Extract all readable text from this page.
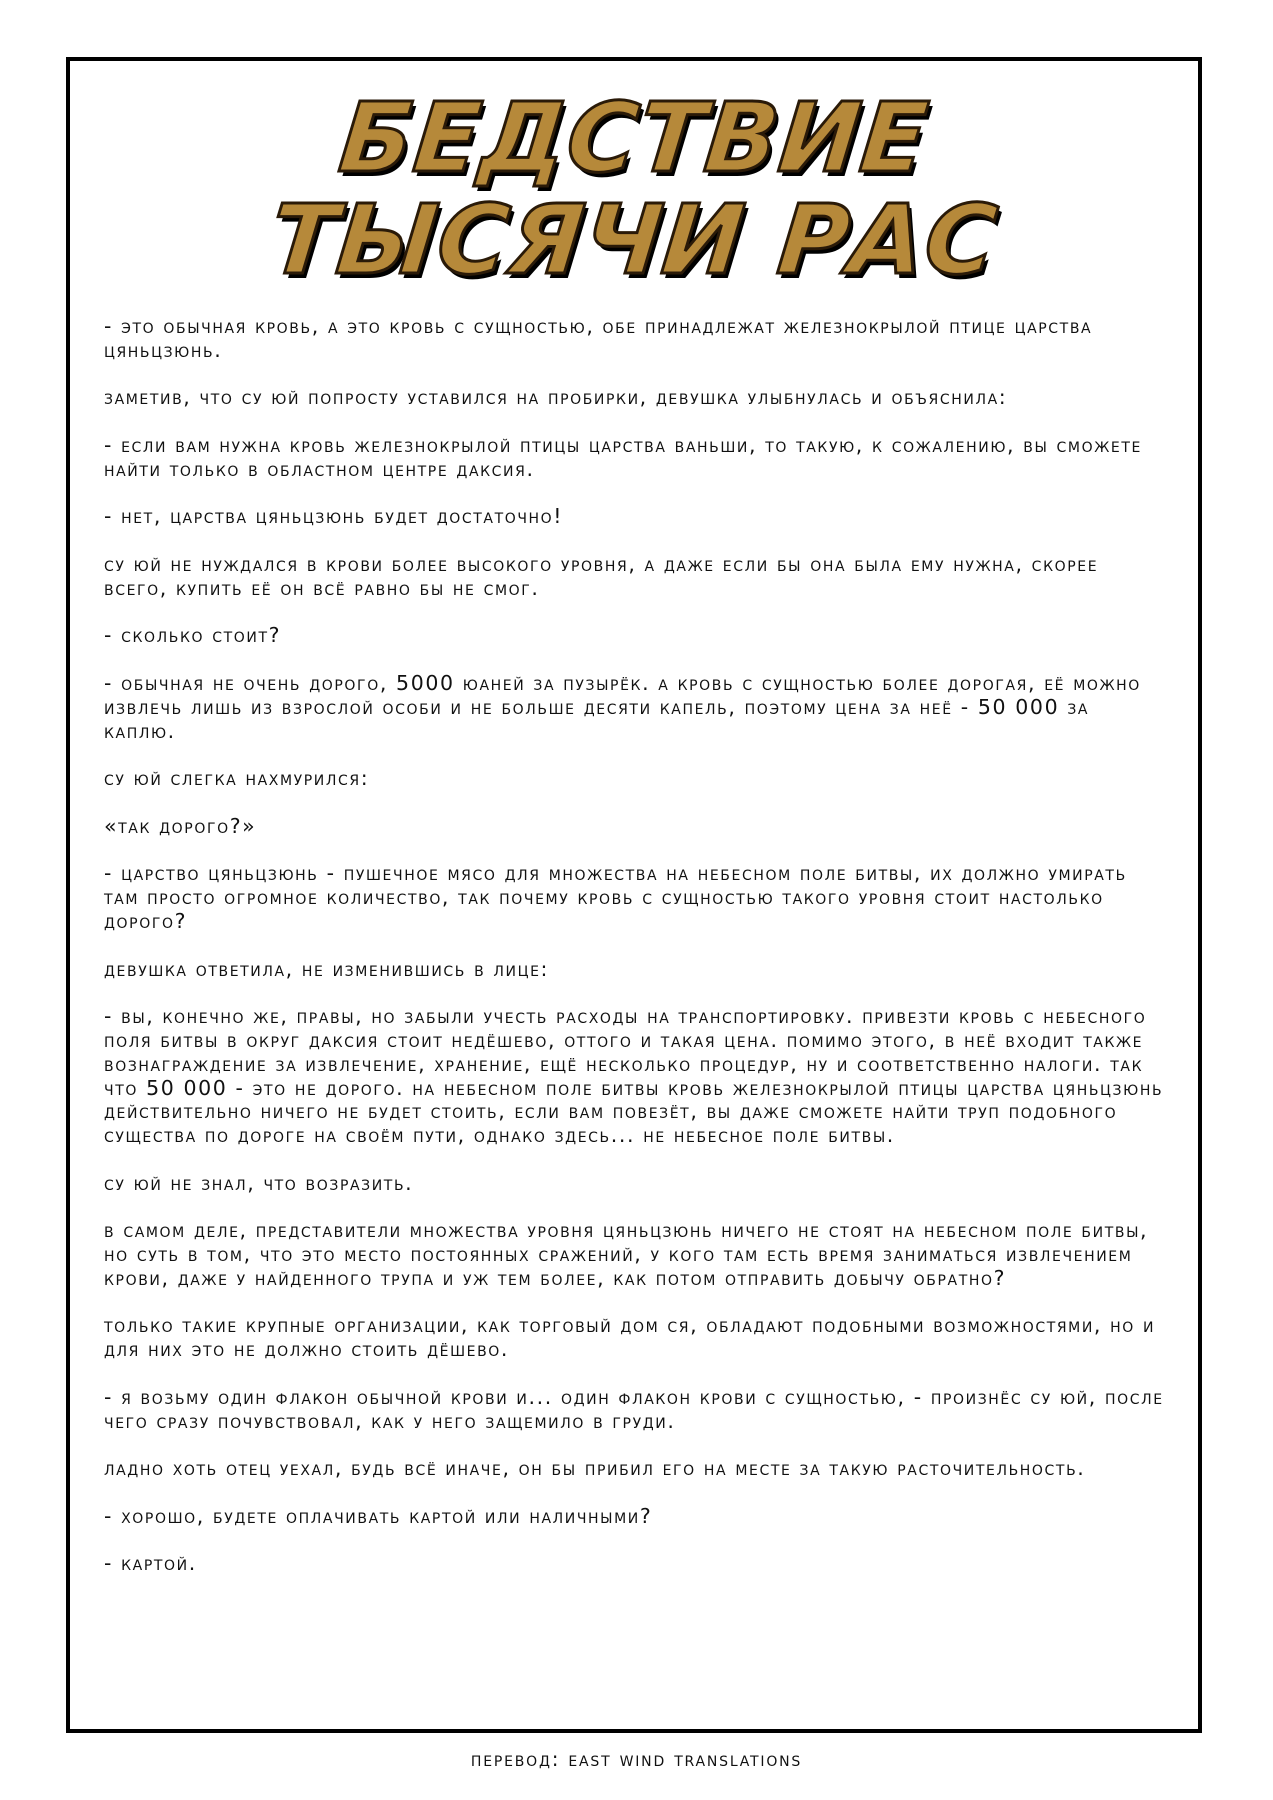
БЕДСТВИЕ
ТЫСЯЧИ РАС

- это обычная кровь, а это кровь с сущностью, обе принадлежат железнокрылой птице царства цяньцзюнь.

заметив, что су юй попросту уставился на пробирки, девушка улыбнулась и объяснила:

- если вам нужна кровь железнокрылой птицы царства ваньши, то такую, к сожалению, вы сможете найти только в областном центре даксия.

- нет, царства цяньцзюнь будет достаточно!

су юй не нуждался в крови более высокого уровня, а даже если бы она была ему нужна, скорее всего, купить её он всё равно бы не смог.

- сколько стоит?

- обычная не очень дорого, 5000 юаней за пузырёк. а кровь с сущностью более дорогая, её можно извлечь лишь из взрослой особи и не больше десяти капель, поэтому цена за неё - 50 000 за каплю.

су юй слегка нахмурился:

«так дорого?»

- царство цяньцзюнь - пушечное мясо для множества на небесном поле битвы, их должно умирать там просто огромное количество, так почему кровь с сущностью такого уровня стоит настолько дорого?

девушка ответила, не изменившись в лице:

- вы, конечно же, правы, но забыли учесть расходы на транспортировку. привезти кровь с небесного поля битвы в округ даксия стоит недёшево, оттого и такая цена. помимо этого, в неё входит также вознаграждение за извлечение, хранение, ещё несколько процедур, ну и соответственно налоги. так что 50 000 - это не дорого. на небесном поле битвы кровь железнокрылой птицы царства цяньцзюнь действительно ничего не будет стоить, если вам повезёт, вы даже сможете найти труп подобного существа по дороге на своём пути, однако здесь... не небесное поле битвы.

су юй не знал, что возразить.

в самом деле, представители множества уровня цяньцзюнь ничего не стоят на небесном поле битвы, но суть в том, что это место постоянных сражений, у кого там есть время заниматься извлечением крови, даже у найденного трупа и уж тем более, как потом отправить добычу обратно?

только такие крупные организации, как торговый дом ся, обладают подобными возможностями, но и для них это не должно стоить дёшево.

- я возьму один флакон обычной крови и... один флакон крови с сущностью, - произнёс су юй, после чего сразу почувствовал, как у него защемило в груди.

ладно хоть отец уехал, будь всё иначе, он бы прибил его на месте за такую расточительность.

- хорошо, будете оплачивать картой или наличными?

- картой.

перевод: east wind translations
